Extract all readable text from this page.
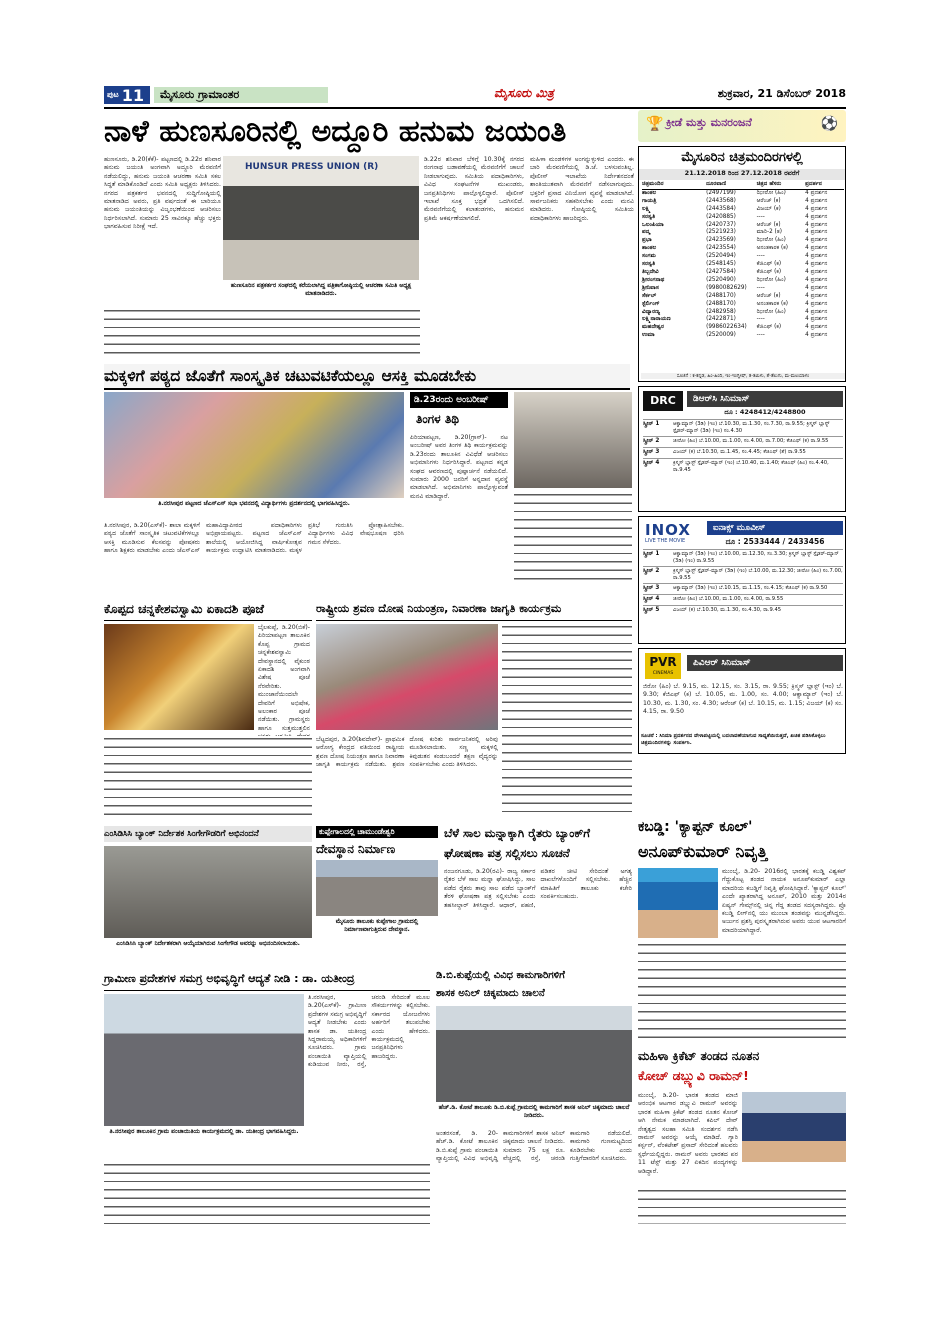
ಪುಟ 11	ಮೈಸೂರು ಗ್ರಾಮಾಂತರ	ಮೈಸೂರು ಮಿತ್ರ	ಶುಕ್ರವಾರ, 21 ಡಿಸೆಂಬರ್ 2018
ನಾಳೆ ಹುಣಸೂರಿನಲ್ಲಿ ಅದ್ದೂರಿ ಹನುಮ ಜಯಂತಿ	ಕ್ರೀಡೆ ಮತ್ತು ಮನರಂಜನೆ
🏆	⚽
ಹುಣಸೂರು, ಡಿ.20(ಕೆಕೆ)- ಪಟ್ಟಣದಲ್ಲಿ ಡಿ.22ರ ಶನಿವಾರ ಹನುಮ ಜಯಂತಿ ಅಂಗವಾಗಿ ಅದ್ದೂರಿ ಮೆರವಣಿಗೆ ನಡೆಯಲಿದ್ದು, ಹನುಮ ಜಯಂತಿ ಆಚರಣಾ ಸಮಿತಿ ಸಕಲ ಸಿದ್ಧತೆ ಮಾಡಿಕೊಂಡಿದೆ ಎಂದು ಸಮಿತಿ ಅಧ್ಯಕ್ಷರು ತಿಳಿಸಿದರು. ನಗರದ ಪತ್ರಕರ್ತರ ಭವನದಲ್ಲಿ ಸುದ್ದಿಗೋಷ್ಠಿಯಲ್ಲಿ ಮಾತನಾಡಿದ ಅವರು, ಪ್ರತಿ ವರ್ಷದಂತೆ ಈ ಬಾರಿಯೂ ಹನುಮ ಜಯಂತಿಯನ್ನು ವಿಜೃಂಭಣೆಯಿಂದ ಆಚರಿಸಲು ನಿರ್ಧರಿಸಲಾಗಿದೆ. ಸುಮಾರು 25 ಸಾವಿರಕ್ಕೂ ಹೆಚ್ಚು ಭಕ್ತರು ಭಾಗವಹಿಸುವ ನಿರೀಕ್ಷೆ ಇದೆ.
HUNSUR PRESS UNION (R)
ಹುಣಸೂರಿನ ಪತ್ರಕರ್ತರ ಸಂಘದಲ್ಲಿ ಕರೆಯಲಾಗಿದ್ದ ಪತ್ರಿಕಾಗೋಷ್ಠಿಯಲ್ಲಿ ಆಚರಣಾ ಸಮಿತಿ ಅಧ್ಯಕ್ಷ ಮಾತನಾಡಿದರು.
ಡಿ.22ರ ಶನಿವಾರ ಬೆಳಿಗ್ಗೆ 10.30ಕ್ಕೆ ನಗರದ ರಂಗನಾಥ ಬಡಾವಣೆಯಲ್ಲಿ ಮೆರವಣಿಗೆಗೆ ಚಾಲನೆ ನೀಡಲಾಗುವುದು. ಸಮಿತಿಯ ಪದಾಧಿಕಾರಿಗಳು, ವಿವಿಧ ಸಂಘಟನೆಗಳ ಮುಖಂಡರು, ಜನಪ್ರತಿನಿಧಿಗಳು ಪಾಲ್ಗೊಳ್ಳಲಿದ್ದಾರೆ. ಪೊಲೀಸ್ ಇಲಾಖೆ ಸೂಕ್ತ ಭದ್ರತೆ ಒದಗಿಸಲಿದೆ. ಮೆರವಣಿಗೆಯಲ್ಲಿ ಕಲಾತಂಡಗಳು, ಹನುಮನ ಪ್ರತಿಮೆ ಆಕರ್ಷಣೆಯಾಗಲಿದೆ.
ಮಹಿಳಾ ಮಂಡಳಿಗಳ ಅಂಗನ್ನುಳ್ಳುಳಿದ ಎಂದರು. ಈ ಬಾರಿ ಮೆರವಣಿಗೆಯಲ್ಲಿ ಡಿ.ಜೆ. ಬಳಸುವಂತಿಲ್ಲ. ಪೊಲೀಸ್ ಇಲಾಖೆಯ ನಿರ್ದೇಶನದಂತೆ ಶಾಂತಿಯುತವಾಗಿ ಮೆರವಣಿಗೆ ನಡೆಸಲಾಗುವುದು. ಭಕ್ತರಿಗೆ ಪ್ರಸಾದ ವಿನಿಯೋಗ ವ್ಯವಸ್ಥೆ ಮಾಡಲಾಗಿದೆ. ಸಾರ್ವಜನಿಕರು ಸಹಕರಿಸಬೇಕು ಎಂದು ಮನವಿ ಮಾಡಿದರು. ಗೋಷ್ಠಿಯಲ್ಲಿ ಸಮಿತಿಯ ಪದಾಧಿಕಾರಿಗಳು ಹಾಜರಿದ್ದರು.
ಮೈಸೂರಿನ ಚಿತ್ರಮಂದಿರಗಳಲ್ಲಿ
21.12.2018 ರಿಂದ 27.12.2018 ರವರೆಗೆ
ಚಿತ್ರಮಂದಿರ	ದೂರವಾಣಿ	ಚಿತ್ರದ ಹೆಸರು	ಪ್ರದರ್ಶನ
ಶಾಂತಲ	(2497199)	ಝೀರೋ (ಹಿಂ)	4 ಪ್ರದರ್ಶನ
ಗಾಯತ್ರಿ	(2443568)	ಆರೆಂಜ್ (ಕ)	4 ಪ್ರದರ್ಶನ
ಲಕ್ಷ್ಮಿ	(2443584)	ವಿಜಯ್ (ಕ)	4 ಪ್ರದರ್ಶನ
ಸರಸ್ವತಿ	(2420885)	----	4 ಪ್ರದರ್ಶನ
ಒಲಂಪಿಯಾ	(2420737)	ಆರೆಂಜ್ (ಕ)	4 ಪ್ರದರ್ಶನ
ಪದ್ಮ	(2521923)	ಮಾರಿ-2 (ತ)	4 ಪ್ರದರ್ಶನ
ಪ್ರಭಾ	(2423569)	ಝೀರೋ (ಹಿಂ)	4 ಪ್ರದರ್ಶನ
ಶಾಂತಲ	(2423554)	ಅನಂತಕಾರಕ (ಕ)	4 ಪ್ರದರ್ಶನ
ಸಂಗಮ	(2520494)	----	4 ಪ್ರದರ್ಶನ
ಸರಸ್ವತಿ	(2548145)	ಕೆಜಿಎಫ್ (ಕ)	4 ಪ್ರದರ್ಶನ
ತಿಬ್ಬದೇವಿ	(2427584)	ಕೆಜಿಎಫ್ (ಕ)	4 ಪ್ರದರ್ಶನ
ಶ್ರೀರಂಗನಾಥ	(2520490)	ಝೀರೋ (ಹಿಂ)	4 ಪ್ರದರ್ಶನ
ಶ್ರೀನಿವಾಸ	(9980082629)	----	4 ಪ್ರದರ್ಶನ
ಸೆರ್ಕಲ್	(2488170)	ಆರೆಂಜ್ (ಕ)	4 ಪ್ರದರ್ಶನ
ಸ್ಟೆರ್ಲಿಂಗ್	(2488170)	ಅನಂತಕಾರಕ (ಕ)	4 ಪ್ರದರ್ಶನ
ವಿದ್ಯಾರಣ್ಯ	(2482958)	ಝೀರೋ (ಹಿಂ)	4 ಪ್ರದರ್ಶನ
ಲಕ್ಷ್ಮಿನಾರಾಯಣ	(2422871)	----	4 ಪ್ರದರ್ಶನ
ಮಹದೇಶ್ವರ	(9986022634)	ಕೆಜಿಎಫ್ (ಕ)	4 ಪ್ರದರ್ಶನ
ಉಮಾ	(2520009)	----	4 ಪ್ರದರ್ಶನ
ಸೂಚನೆ : ಕ-ಕನ್ನಡ, ಹಿಂ-ಹಿಂದಿ, ಇಂ-ಇಂಗ್ಲೀಷ್, ತ-ತಮಿಳು, ತೆ-ತೆಲುಗು, ಮ-ಮಲಯಾಳಂ
ಮಕ್ಕಳಿಗೆ ಪಠ್ಯದ ಜೊತೆಗೆ ಸಾಂಸ್ಕೃತಿಕ ಚಟುವಟಿಕೆಯಲ್ಲೂ ಆಸಕ್ತಿ ಮೂಡಬೇಕು
ತಿ.ನರಸೀಪುರ ಪಟ್ಟಣದ ಜೆಎಸ್‌ಎಸ್ ಸಭಾ ಭವನದಲ್ಲಿ ವಿದ್ಯಾರ್ಥಿಗಳು ಪ್ರದರ್ಶನದಲ್ಲಿ ಭಾಗವಹಿಸಿದ್ದರು.
ತಿ.ನರಸೀಪುರ, ಡಿ.20(ಎಸ್‌ಕೆ)- ಶಾಲಾ ಮಕ್ಕಳಿಗೆ ಪಠ್ಯದ ಜೊತೆಗೆ ಸಾಂಸ್ಕೃತಿಕ ಚಟುವಟಿಕೆಗಳಲ್ಲೂ ಆಸಕ್ತಿ ಮೂಡಿಸುವ ಕೆಲಸವನ್ನು ಪೋಷಕರು ಹಾಗೂ ಶಿಕ್ಷಕರು ಮಾಡಬೇಕು ಎಂದು ಜೆಎಸ್‌ಎಸ್ ಮಹಾವಿದ್ಯಾಪೀಠದ ಪದಾಧಿಕಾರಿಗಳು ಅಭಿಪ್ರಾಯಪಟ್ಟರು. ಪಟ್ಟಣದ ಜೆಎಸ್‌ಎಸ್ ಶಾಲೆಯಲ್ಲಿ ಆಯೋಜಿಸಿದ್ದ ವಾರ್ಷಿಕೋತ್ಸವ ಕಾರ್ಯಕ್ರಮ ಉದ್ಘಾಟಿಸಿ ಮಾತನಾಡಿದರು. ಮಕ್ಕಳ ಪ್ರತಿಭೆ ಗುರುತಿಸಿ ಪ್ರೋತ್ಸಾಹಿಸಬೇಕು. ವಿದ್ಯಾರ್ಥಿಗಳು ವಿವಿಧ ವೇಷಭೂಷಣ ಧರಿಸಿ ಗಮನ ಸೆಳೆದರು.
ಡಿ.23ರಂದು ಅಂಬರೀಷ್
ತಿಂಗಳ ತಿಥಿ
ಪಿರಿಯಾಪಟ್ಟಣ, ಡಿ.20(ಗ್ರಾಸ್)- ನಟ ಅಂಬರೀಷ್ ಅವರ ತಿಂಗಳ ತಿಥಿ ಕಾರ್ಯಕ್ರಮವನ್ನು ಡಿ.23ರಂದು ತಾಲೂಕಿನ ವಿವಿಧೆಡೆ ಆಚರಿಸಲು ಅಭಿಮಾನಿಗಳು ನಿರ್ಧರಿಸಿದ್ದಾರೆ. ಪಟ್ಟಣದ ಕನ್ನಡ ಸಂಘದ ಆವರಣದಲ್ಲಿ ಪುಷ್ಪಾರ್ಚನೆ ನಡೆಯಲಿದೆ. ಸುಮಾರು 2000 ಜನರಿಗೆ ಅನ್ನದಾನ ವ್ಯವಸ್ಥೆ ಮಾಡಲಾಗಿದೆ. ಅಭಿಮಾನಿಗಳು ಪಾಲ್ಗೊಳ್ಳುವಂತೆ ಮನವಿ ಮಾಡಿದ್ದಾರೆ.
DRC	ಡಿಆರ್‌ಸಿ ಸಿನಿಮಾಸ್
ದೂ : 4248412/4248800
ಸ್ಕ್ರೀನ್ 1	ಆಕ್ವಾಮ್ಯಾನ್ (3ಡಿ) (ಇಂ) ಬೆ.10.30, ಮ.1.30, ಸಂ.7.30, ರಾ.9.55; ಕ್ರಿಸ್ಮಸ್ ಬ್ಲಾಸ್ಟ್ ಸ್ಪೈಡರ್-ಮ್ಯಾನ್ (3ಡಿ) (ಇಂ) ಸಂ.4.30
ಸ್ಕ್ರೀನ್ 2	ಜೀರೋ (ಹಿಂ) ಬೆ.10.00, ಮ.1.00, ಸಂ.4.00, ರಾ.7.00; ಕೆಜಿಎಫ್ (ಕ) ರಾ.9.55
ಸ್ಕ್ರೀನ್ 3	ವಿಜಯ್ (ಕ) ಬೆ.10.30, ಮ.1.45, ಸಂ.4.45; ಕೆಜಿಎಫ್ (ತೆ) ರಾ.9.55
ಸ್ಕ್ರೀನ್ 4	ಕ್ರಿಸ್ಮಸ್ ಬ್ಲಾಸ್ಟ್ ಸ್ಪೈಡರ್-ಮ್ಯಾನ್ (ಇಂ) ಬೆ.10.40, ಮ.1.40; ಕೆಜಿಎಫ್ (ಹಿಂ) ಸಂ.4.40, ರಾ.9.45
INOX
LIVE THE MOVIE
ಐನಾಕ್ಸ್ ಮೂವೀಸ್
ದೂ : 2533444 / 2433456
ಸ್ಕ್ರೀನ್ 1	ಆಕ್ವಾಮ್ಯಾನ್ (3ಡಿ) (ಇಂ) ಬೆ.10.00, ಮ.12.30, ಸಂ.3.30; ಕ್ರಿಸ್ಮಸ್ ಬ್ಲಾಸ್ಟ್ ಸ್ಪೈಡರ್-ಮ್ಯಾನ್ (3ಡಿ) (ಇಂ) ರಾ.9.55
ಸ್ಕ್ರೀನ್ 2	ಕ್ರಿಸ್ಮಸ್ ಬ್ಲಾಸ್ಟ್ ಸ್ಪೈಡರ್-ಮ್ಯಾನ್ (3ಡಿ) (ಇಂ) ಬೆ.10.00, ಮ.12.30; ಜೀರೋ (ಹಿಂ) ಸಂ.7.00, ರಾ.9.55
ಸ್ಕ್ರೀನ್ 3	ಆಕ್ವಾಮ್ಯಾನ್ (3ಡಿ) (ಇಂ) ಬೆ.10.15, ಮ.1.15, ಸಂ.4.15; ಕೆಜಿಎಫ್ (ಕ) ರಾ.9.50
ಸ್ಕ್ರೀನ್ 4	ಜೀರೋ (ಹಿಂ) ಬೆ.10.00, ಮ.1.00, ಸಂ.4.00, ರಾ.9.55
ಸ್ಕ್ರೀನ್ 5	ವಿಜಯ್ (ಕ) ಬೆ.10.30, ಮ.1.30, ಸಂ.4.30, ರಾ.9.45
PVR
CINEMAS
ಪಿವಿಆರ್ ಸಿನಿಮಾಸ್
ಜಿರೋ (ಹಿಂ) ಬೆ. 9.15, ಮ. 12.15, ಸಂ. 3.15, ರಾ. 9.55; ಕ್ರಿಸ್ಮಸ್ ಬ್ಲಾಸ್ಟ್ (ಇಂ) ಬೆ. 9.30; ಕೆಜಿಎಫ್ (ಕ) ಬೆ. 10.05, ಮ. 1.00, ಸಂ. 4.00; ಆಕ್ವಾಮ್ಯಾನ್ (ಇಂ) ಬೆ. 10.30, ಮ. 1.30, ಸಂ. 4.30; ಆರೆಂಜ್ (ಕ) ಬೆ. 10.15, ಮ. 1.15; ವಿಜಯ್ (ಕ) ಸಂ. 4.15, ರಾ. 9.50
ಸೂಚನೆ : ಸಿನಿಮಾ ಪ್ರದರ್ಶನದ ವೇಳಾಪಟ್ಟಿಯಲ್ಲಿ ಬದಲಾವಣೆಯಾಗುವ ಸಾಧ್ಯತೆಯಿರುತ್ತದೆ, ಖಚಿತ ಪಡಿಸಿಕೊಳ್ಳಲು ಚಿತ್ರಮಂದಿರಗಳನ್ನು ಸಂಪರ್ಕಿಸಿ.
ಕೊಪ್ಪದ ಚನ್ನಕೇಶವಸ್ವಾಮಿ ಏಕಾದಶಿ ಪೂಜೆ
ಬೈಲಕುಪ್ಪೆ, ಡಿ.20(ಬಿಕೆ)- ಪಿರಿಯಾಪಟ್ಟಣ ತಾಲೂಕಿನ ಕೊಪ್ಪ ಗ್ರಾಮದ ಚನ್ನಕೇಶವಸ್ವಾಮಿ ದೇವಸ್ಥಾನದಲ್ಲಿ ವೈಕುಂಠ ಏಕಾದಶಿ ಅಂಗವಾಗಿ ವಿಶೇಷ ಪೂಜೆ ನೆರವೇರಿತು. ಮುಂಜಾನೆಯಿಂದಲೇ ದೇವರಿಗೆ ಅಭಿಷೇಕ, ಅಲಂಕಾರ ಪೂಜೆ ನಡೆಯಿತು. ಗ್ರಾಮಸ್ಥರು ಹಾಗೂ ಸುತ್ತಮುತ್ತಲಿನ
ರಾಷ್ಟ್ರೀಯ ಶ್ರವಣ ದೋಷ ನಿಯಂತ್ರಣ, ನಿವಾರಣಾ ಜಾಗೃತಿ ಕಾರ್ಯಕ್ರಮ
ಬೆಟ್ಟದಪುರ, ಡಿ.20(ಶಿವದೇವ್)- ಪ್ರಾಥಮಿಕ ಆರೋಗ್ಯ ಕೇಂದ್ರದ ವತಿಯಿಂದ ರಾಷ್ಟ್ರೀಯ ಶ್ರವಣ ದೋಷ ನಿಯಂತ್ರಣ ಹಾಗೂ ನಿವಾರಣಾ ಜಾಗೃತಿ ಕಾರ್ಯಕ್ರಮ ನಡೆಯಿತು. ಶ್ರವಣ ದೋಷ ಕುರಿತು ಸಾರ್ವಜನಿಕರಲ್ಲಿ ಅರಿವು ಮೂಡಿಸಲಾಯಿತು. ಸಣ್ಣ ಮಕ್ಕಳಲ್ಲಿ ಕಿವುಡುತನ ಕಂಡುಬಂದರೆ ತಕ್ಷಣ ವೈದ್ಯರನ್ನು ಸಂಪರ್ಕಿಸಬೇಕು ಎಂದು ತಿಳಿಸಿದರು.
ಎಂಸಿಡಿಸಿಸಿ ಬ್ಯಾಂಕ್ ನಿರ್ದೇಶಕ ಸಿಂಗೇಗೌಡರಿಗೆ ಅಭಿನಂದನೆ
ಎಂಸಿಡಿಸಿಸಿ ಬ್ಯಾಂಕ್ ನಿರ್ದೇಶಕರಾಗಿ ಆಯ್ಕೆಯಾಗಿರುವ ಸಿಂಗೇಗೌಡ ಅವರನ್ನು ಅಭಿನಂದಿಸಲಾಯಿತು.
ಕುಪ್ಪೇಗಾಲದಲ್ಲಿ ಚಾಮುಂಡೇಶ್ವರಿ
ದೇವಸ್ಥಾನ ನಿರ್ಮಾಣ
ಮೈಸೂರು ತಾಲೂಕು ಕುಪ್ಪೇಗಾಲ ಗ್ರಾಮದಲ್ಲಿ ನಿರ್ಮಾಣವಾಗುತ್ತಿರುವ ದೇವಸ್ಥಾನ.
ಬೆಳೆ ಸಾಲ ಮನ್ನಾಕ್ಕಾಗಿ ರೈತರು ಬ್ಯಾಂಕ್‌ಗೆ
ಘೋಷಣಾ ಪತ್ರ ಸಲ್ಲಿಸಲು ಸೂಚನೆ
ನಂಜನಗೂಡು, ಡಿ.20(ರವಿ)- ರಾಜ್ಯ ಸರ್ಕಾರ ರೈತರ ಬೆಳೆ ಸಾಲ ಮನ್ನಾ ಘೋಷಿಸಿದ್ದು, ಸಾಲ ಪಡೆದ ರೈತರು ತಾವು ಸಾಲ ಪಡೆದ ಬ್ಯಾಂಕ್‌ಗೆ ತೆರಳಿ ಘೋಷಣಾ ಪತ್ರ ಸಲ್ಲಿಸಬೇಕು ಎಂದು ತಹಸೀಲ್ದಾರ್ ತಿಳಿಸಿದ್ದಾರೆ. ಆಧಾರ್, ಪಹಣಿ, ಪಡಿತರ ಚೀಟಿ ಸೇರಿದಂತೆ ಅಗತ್ಯ ದಾಖಲೆಗಳೊಂದಿಗೆ ಸಲ್ಲಿಸಬೇಕು. ಹೆಚ್ಚಿನ ಮಾಹಿತಿಗೆ ತಾಲೂಕು ಕಚೇರಿ ಸಂಪರ್ಕಿಸಬಹುದು.
ಕಬಡ್ಡಿ: 'ಕ್ಯಾಪ್ಟನ್ ಕೂಲ್'
ಅನೂಪ್‌ಕುಮಾರ್ ನಿವೃತ್ತಿ
ಮುಂಬೈ, ಡಿ.20- 2016ರಲ್ಲಿ ಭಾರತಕ್ಕೆ ಕಬಡ್ಡಿ ವಿಶ್ವಕಪ್ ಗೆದ್ದುಕೊಟ್ಟ ತಂಡದ ನಾಯಕ ಅನೂಪ್‌ಕುಮಾರ್ ಎಲ್ಲಾ ಮಾದರಿಯ ಕಬಡ್ಡಿಗೆ ನಿವೃತ್ತಿ ಘೋಷಿಸಿದ್ದಾರೆ. 'ಕ್ಯಾಪ್ಟನ್ ಕೂಲ್' ಎಂದೇ ಖ್ಯಾತರಾಗಿದ್ದ ಅನೂಪ್, 2010 ಮತ್ತು 2014ರ ಏಷ್ಯನ್ ಗೇಮ್ಸ್‌ನಲ್ಲಿ ಚಿನ್ನ ಗೆದ್ದ ತಂಡದ ಸದಸ್ಯರಾಗಿದ್ದರು. ಪ್ರೊ ಕಬಡ್ಡಿ ಲೀಗ್‌ನಲ್ಲಿ ಯು ಮುಂಬಾ ತಂಡವನ್ನು ಮುನ್ನಡೆಸಿದ್ದರು. ಅರ್ಜುನ ಪ್ರಶಸ್ತಿ ಪುರಸ್ಕೃತರಾಗಿರುವ ಅವರು ಯುವ ಆಟಗಾರರಿಗೆ ಮಾದರಿಯಾಗಿದ್ದಾರೆ.
ಗ್ರಾಮೀಣ ಪ್ರದೇಶಗಳ ಸಮಗ್ರ ಅಭಿವೃದ್ಧಿಗೆ ಆದ್ಯತೆ ನೀಡಿ : ಡಾ. ಯತೀಂದ್ರ
ತಿ.ನರಸೀಪುರ ತಾಲೂಕಿನ ಗ್ರಾಮ ಪಂಚಾಯಿತಿಯ ಕಾರ್ಯಕ್ರಮದಲ್ಲಿ ಡಾ. ಯತೀಂದ್ರ ಭಾಗವಹಿಸಿದ್ದರು.
ತಿ.ನರಸೀಪುರ, ಡಿ.20(ಎಸ್‌ಕೆ)- ಗ್ರಾಮೀಣ ಪ್ರದೇಶಗಳ ಸಮಗ್ರ ಅಭಿವೃದ್ಧಿಗೆ ಆದ್ಯತೆ ನೀಡಬೇಕು ಎಂದು ಶಾಸಕ ಡಾ. ಯತೀಂದ್ರ ಸಿದ್ದರಾಮಯ್ಯ ಅಧಿಕಾರಿಗಳಿಗೆ ಸೂಚಿಸಿದರು. ಗ್ರಾಮ ಪಂಚಾಯಿತಿ ವ್ಯಾಪ್ತಿಯಲ್ಲಿ ಕುಡಿಯುವ ನೀರು, ರಸ್ತೆ, ಚರಂಡಿ ಸೇರಿದಂತೆ ಮೂಲ ಸೌಕರ್ಯಗಳನ್ನು ಕಲ್ಪಿಸಬೇಕು. ಸರ್ಕಾರದ ಯೋಜನೆಗಳು ಅರ್ಹರಿಗೆ ತಲುಪಬೇಕು ಎಂದು ಹೇಳಿದರು. ಕಾರ್ಯಕ್ರಮದಲ್ಲಿ ಜನಪ್ರತಿನಿಧಿಗಳು ಹಾಜರಿದ್ದರು.
ಡಿ.ಬಿ.ಕುಪ್ಪೆಯಲ್ಲಿ ವಿವಿಧ ಕಾಮಗಾರಿಗಳಿಗೆ
ಶಾಸಕ ಅನಿಲ್ ಚಿಕ್ಕಮಾದು ಚಾಲನೆ
ಹೆಚ್.ಡಿ. ಕೋಟೆ ತಾಲೂಕು ಡಿ.ಬಿ.ಕುಪ್ಪೆ ಗ್ರಾಮದಲ್ಲಿ ಕಾಮಗಾರಿಗೆ ಶಾಸಕ ಅನಿಲ್ ಚಿಕ್ಕಮಾದು ಚಾಲನೆ ನೀಡಿದರು.
ಅಂತರಸಂತೆ, ಡಿ. 20- ಹೆಚ್.ಡಿ. ಕೋಟೆ ತಾಲೂಕಿನ ಡಿ.ಬಿ.ಕುಪ್ಪೆ ಗ್ರಾಮ ಪಂಚಾಯಿತಿ ವ್ಯಾಪ್ತಿಯಲ್ಲಿ ವಿವಿಧ ಅಭಿವೃದ್ಧಿ ಕಾಮಗಾರಿಗಳಿಗೆ ಶಾಸಕ ಅನಿಲ್ ಚಿಕ್ಕಮಾದು ಚಾಲನೆ ನೀಡಿದರು. ಸುಮಾರು 75 ಲಕ್ಷ ರೂ. ವೆಚ್ಚದಲ್ಲಿ ರಸ್ತೆ, ಚರಂಡಿ ಕಾಮಗಾರಿ ನಡೆಯಲಿದೆ. ಕಾಮಗಾರಿ ಗುಣಮಟ್ಟದಿಂದ ಕೂಡಿರಬೇಕು ಎಂದು ಗುತ್ತಿಗೆದಾರರಿಗೆ ಸೂಚಿಸಿದರು.
ಮಹಿಳಾ ಕ್ರಿಕೆಟ್ ತಂಡದ ನೂತನ
ಕೋಚ್ ಡಬ್ಲ್ಯುವಿ ರಾಮನ್!
ಮುಂಬೈ, ಡಿ.20- ಭಾರತ ತಂಡದ ಮಾಜಿ ಆರಂಭಿಕ ಆಟಗಾರ ಡಬ್ಲ್ಯುವಿ ರಾಮನ್ ಅವರನ್ನು ಭಾರತ ಮಹಿಳಾ ಕ್ರಿಕೆಟ್ ತಂಡದ ನೂತನ ಕೋಚ್ ಆಗಿ ನೇಮಕ ಮಾಡಲಾಗಿದೆ. ಕಪಿಲ್ ದೇವ್ ನೇತೃತ್ವದ ಸಲಹಾ ಸಮಿತಿ ಸಂದರ್ಶನ ನಡೆಸಿ ರಾಮನ್ ಅವರನ್ನು ಆಯ್ಕೆ ಮಾಡಿದೆ. ಗ್ಯಾರಿ ಕರ್ಸ್ಟನ್, ವೆಂಕಟೇಶ್ ಪ್ರಸಾದ್ ಸೇರಿದಂತೆ ಹಲವರು ಸ್ಪರ್ಧೆಯಲ್ಲಿದ್ದರು. ರಾಮನ್ ಅವರು ಭಾರತದ ಪರ 11 ಟೆಸ್ಟ್ ಮತ್ತು 27 ಏಕದಿನ ಪಂದ್ಯಗಳನ್ನು ಆಡಿದ್ದಾರೆ.
